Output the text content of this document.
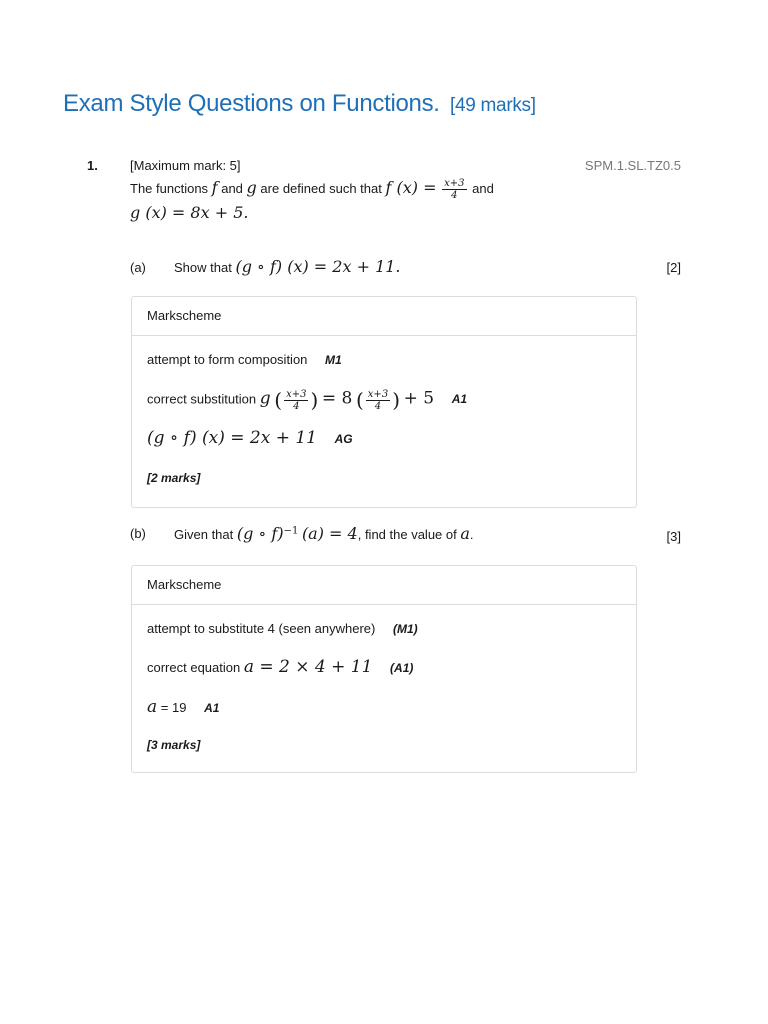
Exam Style Questions on Functions. [49 marks]
1. [Maximum mark: 5]	SPM.1.SL.TZ0.5
The functions f and g are defined such that f $(x) = \frac{x+3}{4}$ and
g (x) = 8x + 5.
(a) Show that (g ∘ f) (x) = 2x + 11.	[2]
Markscheme
attempt to form composition M1
correct substitution g ( $\frac{x+3}{4}$ ) = 8 ( $\frac{x+3}{4}$ ) + 5 A1
(g ∘ f) (x) = 2x + 11 AG
[2 marks]
(b) Given that (g ∘ f)$^{-1}$ (a) = 4, find the value of a.	[3]
Markscheme
attempt to substitute 4 (seen anywhere) (M1)
correct equation a = 2 × 4 + 11 (A1)
a = 19 A1
[3 marks]
